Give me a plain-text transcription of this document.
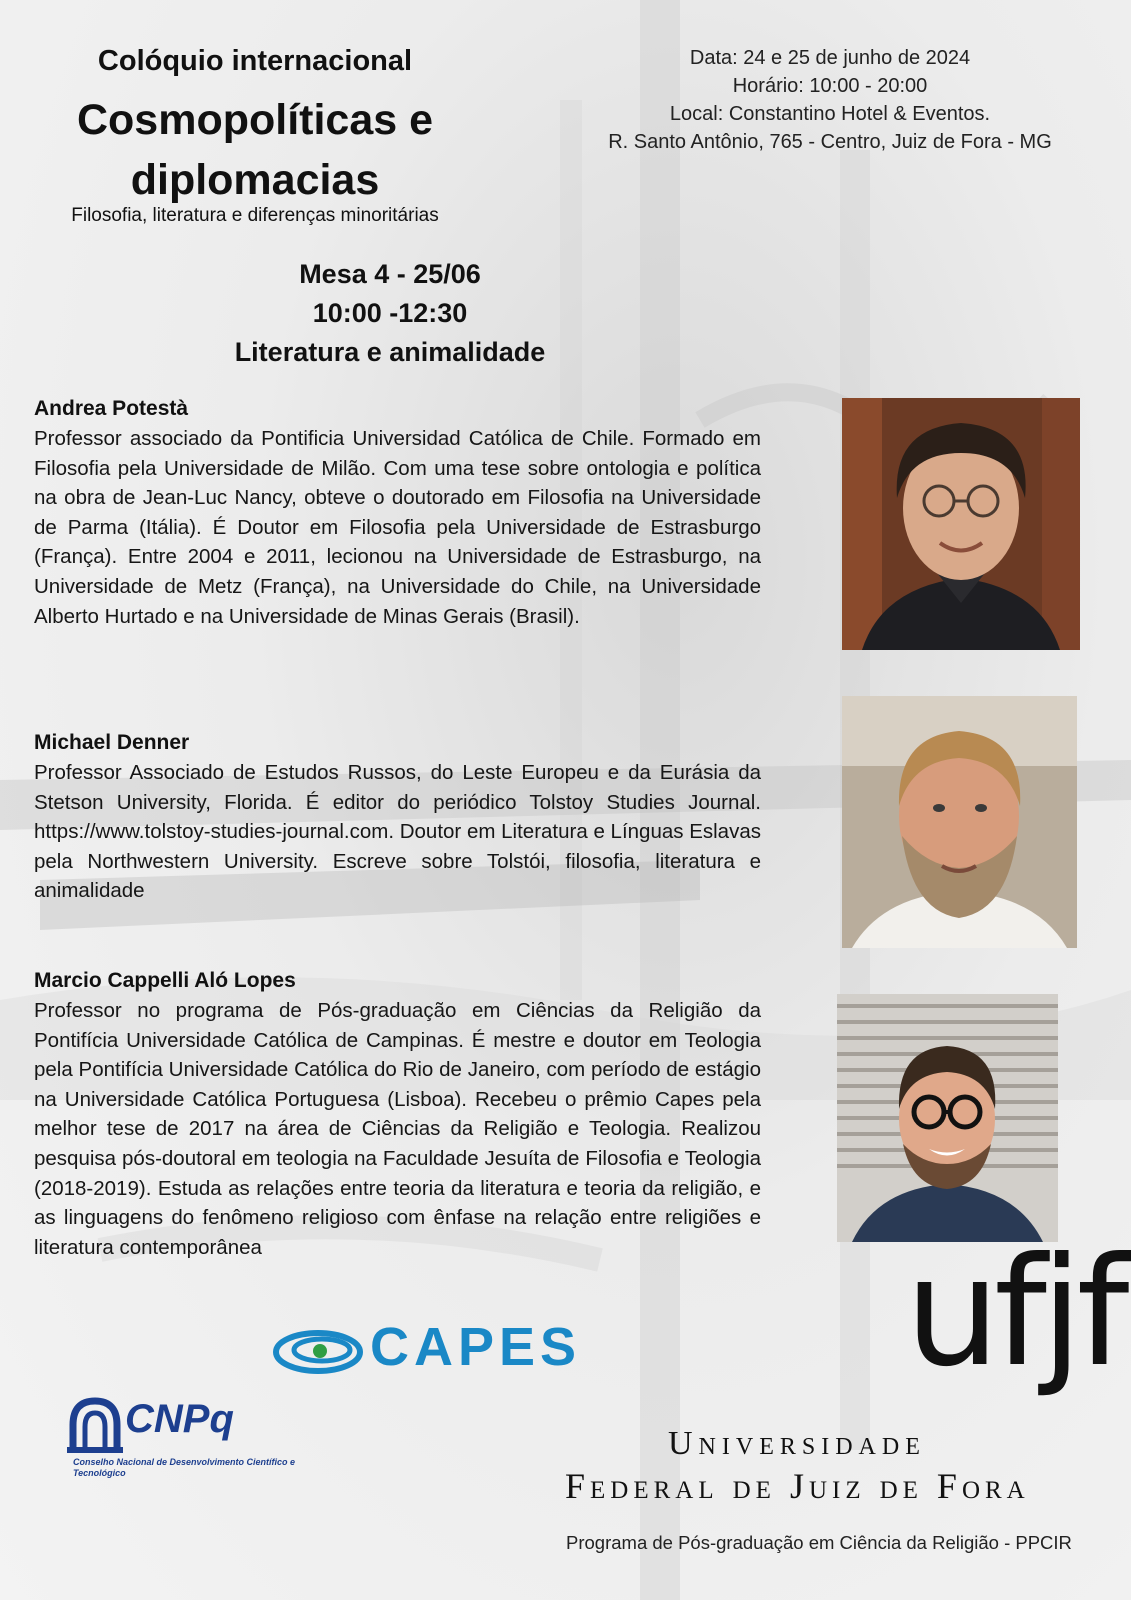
Colóquio internacional
Cosmopolíticas e
diplomacias
Filosofia, literatura e diferenças minoritárias
Data: 24 e 25 de junho de 2024
Horário: 10:00 - 20:00
Local: Constantino Hotel & Eventos.
R. Santo Antônio, 765 - Centro, Juiz de Fora - MG
Mesa 4 - 25/06
10:00 -12:30
Literatura e animalidade
Andrea Potestà
Professor associado da Pontificia Universidad Católica de Chile. Formado em Filosofia pela Universidade de Milão. Com uma tese sobre ontologia e política na obra de Jean-Luc Nancy, obteve o doutorado em Filosofia na Universidade de Parma (Itália). É Doutor em Filosofia pela Universidade de Estrasburgo (França). Entre 2004 e 2011, lecionou na Universidade de Estrasburgo, na Universidade de Metz (França), na Universidade do Chile, na Universidade Alberto Hurtado e na Universidade de Minas Gerais (Brasil).
Michael Denner
Professor Associado de Estudos Russos, do Leste Europeu e da Eurásia da Stetson University, Florida. É editor do periódico Tolstoy Studies Journal. https://www.tolstoy-studies-journal.com. Doutor em Literatura e Línguas Eslavas pela Northwestern University. Escreve sobre Tolstói, filosofia, literatura e animalidade
Marcio Cappelli Aló Lopes
Professor no programa de Pós-graduação em Ciências da Religião da Pontifícia Universidade Católica de Campinas. É mestre e doutor em Teologia pela Pontifícia Universidade Católica do Rio de Janeiro, com período de estágio na Universidade Católica Portuguesa (Lisboa). Recebeu o prêmio Capes pela melhor tese de 2017 na área de Ciências da Religião e Teologia. Realizou pesquisa pós-doutoral em teologia na Faculdade Jesuíta de Filosofia e Teologia (2018-2019). Estuda as relações entre teoria da literatura e teoria da religião, e as linguagens do fenômeno religioso com ênfase na relação entre religiões e literatura contemporânea
CAPES
CNPq
Conselho Nacional de Desenvolvimento Científico e Tecnológico
ufjf
Universidade
Federal de Juiz de Fora
Programa de Pós-graduação em Ciência da Religião - PPCIR
